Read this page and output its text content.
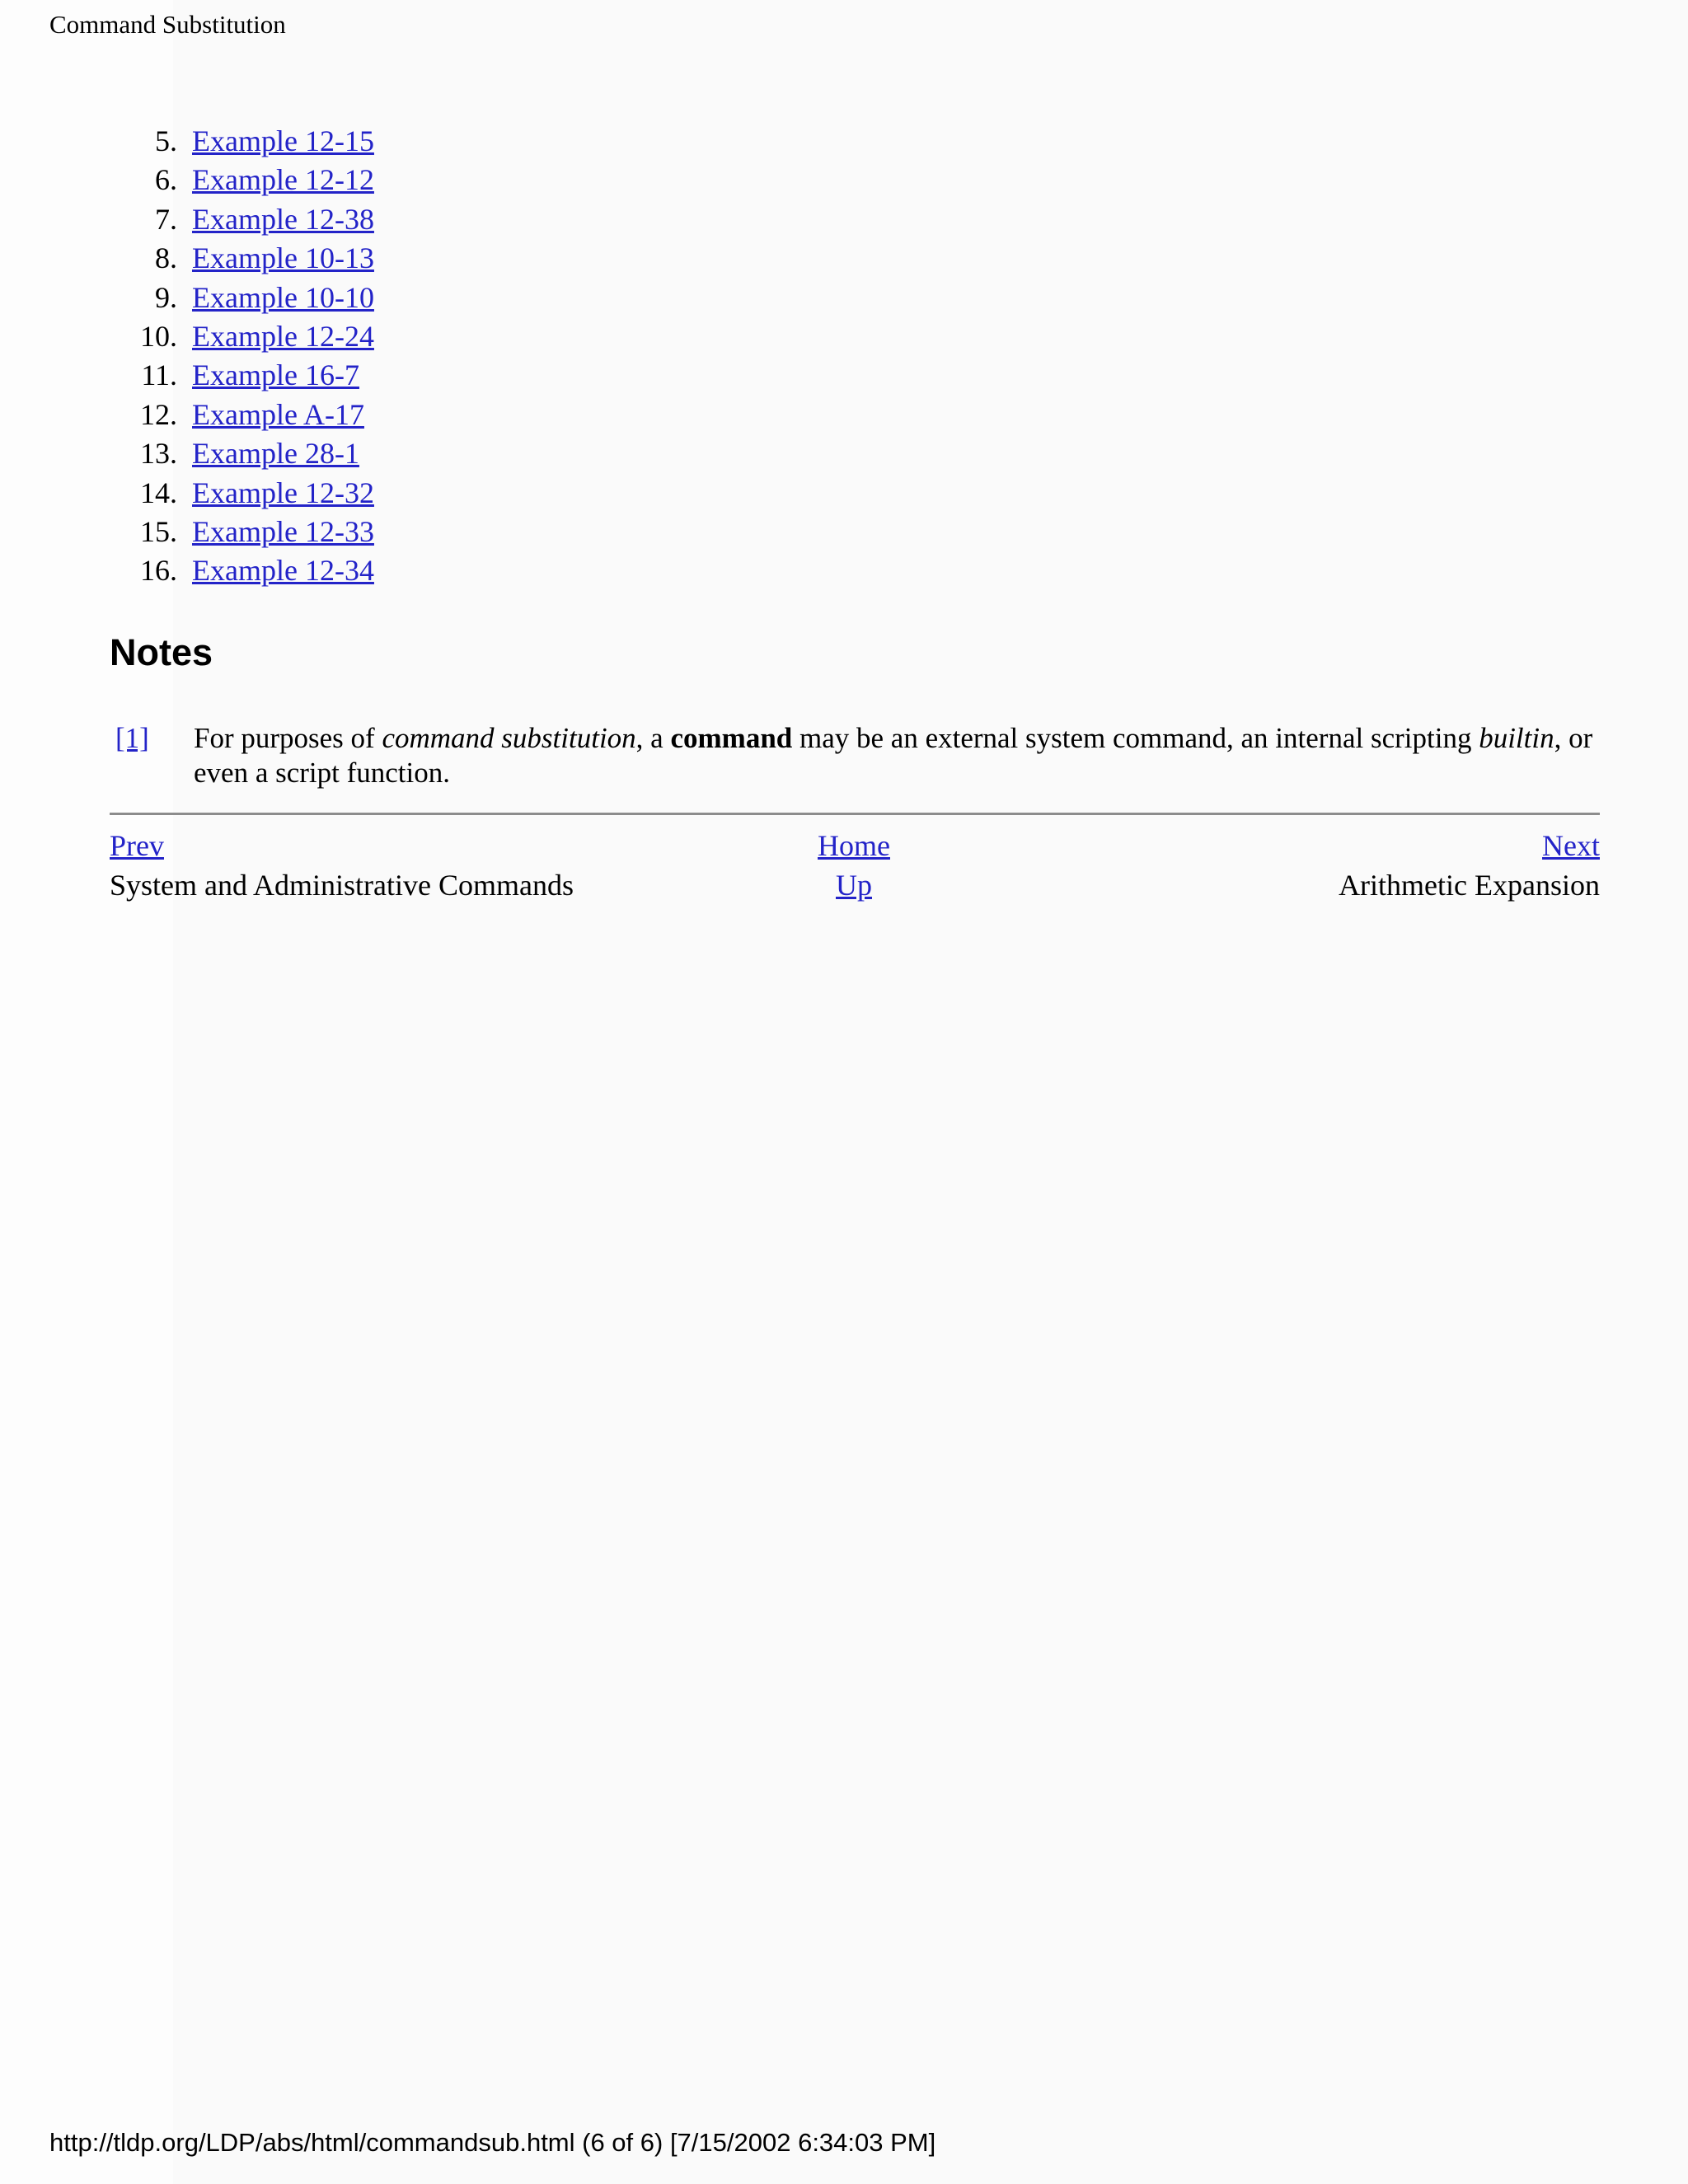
Command Substitution
5. Example 12-15
6. Example 12-12
7. Example 12-38
8. Example 10-13
9. Example 10-10
10. Example 12-24
11. Example 16-7
12. Example A-17
13. Example 28-1
14. Example 12-32
15. Example 12-33
16. Example 12-34
Notes
[1] For purposes of command substitution, a command may be an external system command, an internal scripting builtin, or even a script function.

Prev	Home	Next
System and Administrative Commands	Up	Arithmetic Expansion
http://tldp.org/LDP/abs/html/commandsub.html (6 of 6) [7/15/2002 6:34:03 PM]
